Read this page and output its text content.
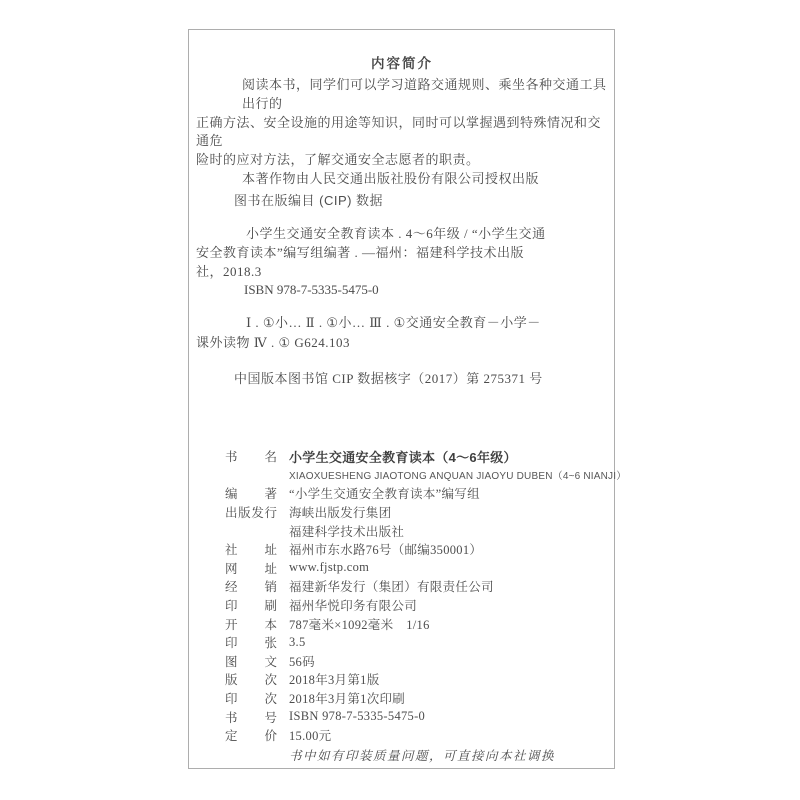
内容简介
阅读本书，同学们可以学习道路交通规则、乘坐各种交通工具出行的
正确方法、安全设施的用途等知识，同时可以掌握遇到特殊情况和交通危
险时的应对方法，了解交通安全志愿者的职责。
本著作物由人民交通出版社股份有限公司授权出版
图书在版编目 (CIP) 数据
小学生交通安全教育读本 . 4～6年级 / “小学生交通
安全教育读本”编写组编著 . —福州：福建科学技术出版
社，2018.3
ISBN 978-7-5335-5475-0
Ⅰ . ①小… Ⅱ . ①小… Ⅲ . ①交通安全教育－小学－
课外读物 Ⅳ . ① G624.103
中国版本图书馆 CIP 数据核字（2017）第 275371 号
书名 小学生交通安全教育读本（4～6年级）
XIAOXUESHENG JIAOTONG ANQUAN JIAOYU DUBEN（4~6 NIANJI）
编著 “小学生交通安全教育读本”编写组
出版发行 海峡出版发行集团
福建科学技术出版社
社址 福州市东水路76号（邮编350001）
网址 www.fjstp.com
经销 福建新华发行（集团）有限责任公司
印刷 福州华悦印务有限公司
开本 787毫米×1092毫米　1/16
印张 3.5
图文 56码
版次 2018年3月第1版
印次 2018年3月第1次印刷
书号 ISBN 978-7-5335-5475-0
定价 15.00元
书中如有印装质量问题，可直接向本社调换
